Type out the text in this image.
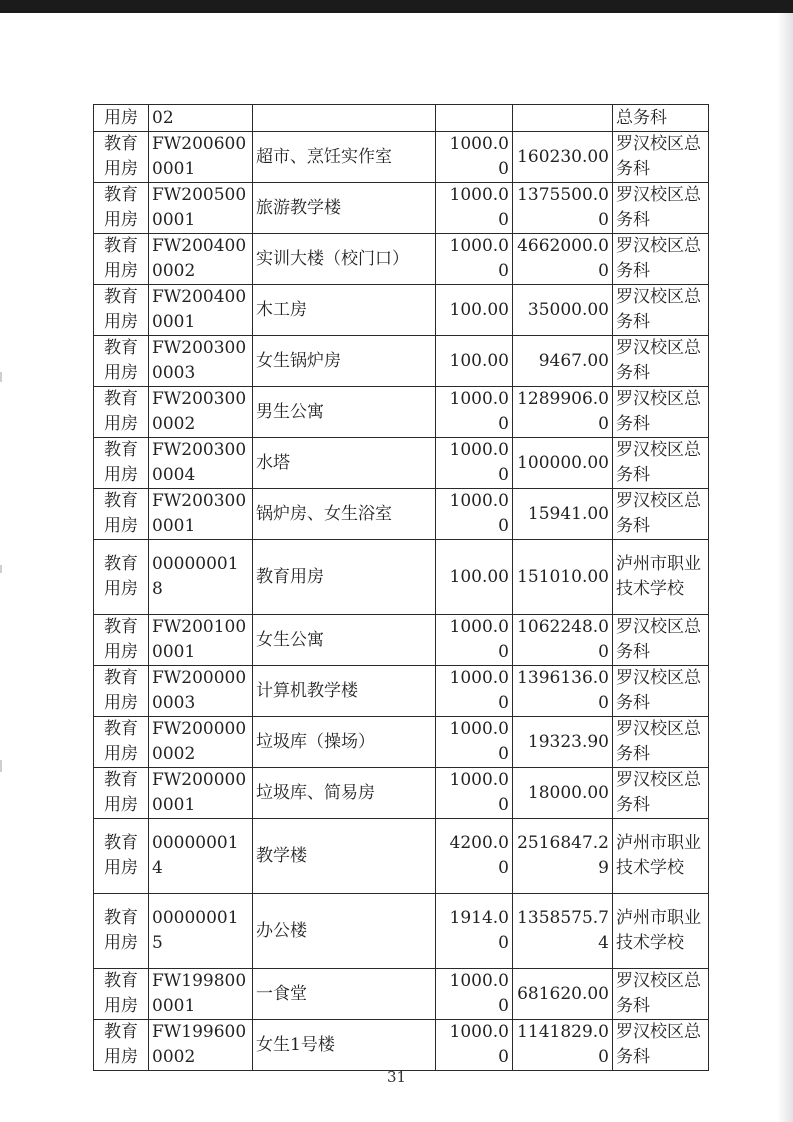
用房	02				总务科
教育用房	FW2006000001	超市、烹饪实作室	1000.00	160230.00	罗汉校区总务科
教育用房	FW2005000001	旅游教学楼	1000.00	1375500.00	罗汉校区总务科
教育用房	FW2004000002	实训大楼（校门口）	1000.00	4662000.00	罗汉校区总务科
教育用房	FW2004000001	木工房	100.00	35000.00	罗汉校区总务科
教育用房	FW2003000003	女生锅炉房	100.00	9467.00	罗汉校区总务科
教育用房	FW2003000002	男生公寓	1000.00	1289906.00	罗汉校区总务科
教育用房	FW2003000004	水塔	1000.00	100000.00	罗汉校区总务科
教育用房	FW2003000001	锅炉房、女生浴室	1000.00	15941.00	罗汉校区总务科
教育用房	000000018	教育用房	100.00	151010.00	泸州市职业技术学校
教育用房	FW2001000001	女生公寓	1000.00	1062248.00	罗汉校区总务科
教育用房	FW2000000003	计算机教学楼	1000.00	1396136.00	罗汉校区总务科
教育用房	FW2000000002	垃圾库（操场）	1000.00	19323.90	罗汉校区总务科
教育用房	FW2000000001	垃圾库、简易房	1000.00	18000.00	罗汉校区总务科
教育用房	000000014	教学楼	4200.00	2516847.29	泸州市职业技术学校
教育用房	000000015	办公楼	1914.00	1358575.74	泸州市职业技术学校
教育用房	FW1998000001	一食堂	1000.00	681620.00	罗汉校区总务科
教育用房	FW1996000002	女生1号楼	1000.00	1141829.00	罗汉校区总务科
31
